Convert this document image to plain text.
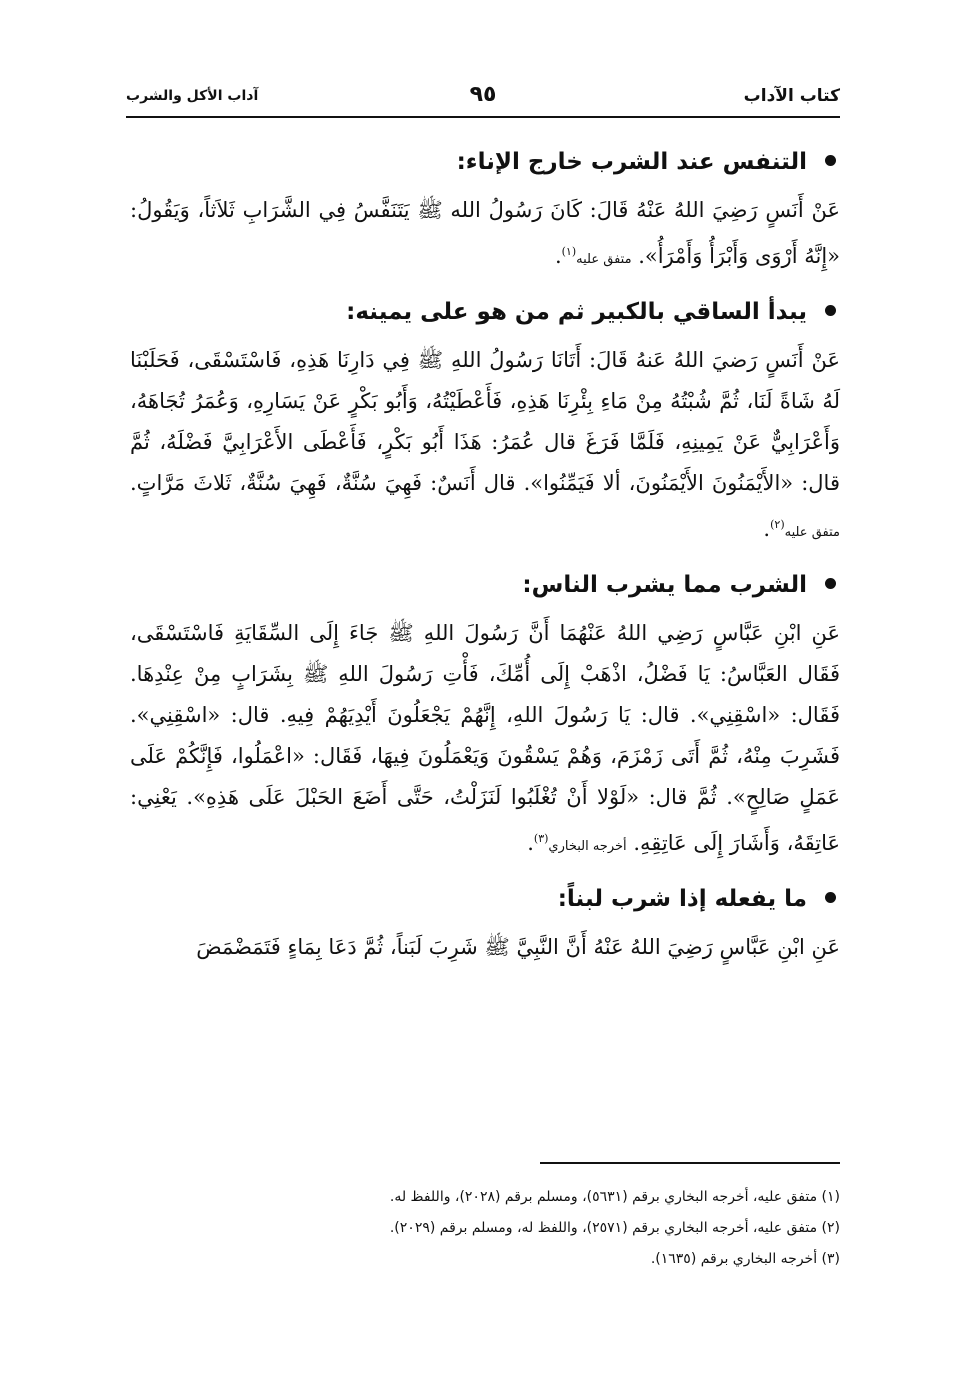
كتاب الآداب
٩٥
آداب الأكل والشرب
التنفس عند الشرب خارج الإناء:

عَنْ أَنَسٍ رَضِيَ اللهُ عَنْهُ قَالَ: كَانَ رَسُولُ الله ﷺ يَتَنَفَّسُ فِي الشَّرَابِ ثَلاَثاً، وَيَقُولُ: «إِنَّهُ أَرْوَى وَأَبْرَأُ وَأَمْرَأُ». متفق عليه$^{(١)}$.

يبدأ الساقي بالكبير ثم من هو على يمينه:

عَنْ أَنَسٍ رَضيَ اللهُ عَنهُ قَالَ: أَتَانَا رَسُولُ اللهِ ﷺ فِي دَارِنَا هَذِهِ، فَاسْتَسْقَى، فَحَلَبْنَا لَهُ شَاةً لَنَا، ثُمَّ شُبْتُهُ مِنْ مَاءِ بِئْرِنَا هَذِهِ، فَأَعْطَيْتُهُ، وَأَبُو بَكْرٍ عَنْ يَسَارِهِ، وَعُمَرُ تُجَاهَهُ، وَأَعْرَابِيٌّ عَنْ يَمِينِهِ، فَلَمَّا فَرَغَ قال عُمَرُ: هَذَا أَبُو بَكْرٍ، فَأَعْطَى الأَعْرَابِيَّ فَضْلَهُ، ثُمَّ قال: «الأَيْمَنُونَ الأَيْمَنُونَ، ألا فَيَمِّنُوا». قال أَنَسٌ: فَهِيَ سُنَّةٌ، فَهِيَ سُنَّةٌ، ثَلاثَ مَرَّاتٍ. متفق عليه$^{(٢)}$.

الشرب مما يشرب الناس:

عَنِ ابْنِ عَبَّاسٍ رَضِي اللهُ عَنْهُمَا أَنَّ رَسُولَ اللهِ ﷺ جَاءَ إِلَى السِّقَايَةِ فَاسْتَسْقَى، فَقَال العَبَّاسُ: يَا فَضْلُ، اذْهَبْ إِلَى أُمِّكَ، فَأْتِ رَسُولَ اللهِ ﷺ بِشَرَابٍ مِنْ عِنْدِهَا. فَقَال: «اسْقِنِي». قال: يَا رَسُولَ اللهِ، إِنَّهُمْ يَجْعَلُونَ أَيْدِيَهُمْ فِيهِ. قال: «اسْقِنِي». فَشَرِبَ مِنْهُ، ثُمَّ أَتَى زَمْزَمَ، وَهُمْ يَسْقُونَ وَيَعْمَلُونَ فِيهَا، فَقَال: «اعْمَلُوا، فَإِنَّكُمْ عَلَى عَمَلٍ صَالِحٍ». ثُمَّ قال: «لَوْلا أَنْ تُغْلَبُوا لَنَزَلْتُ، حَتَّى أَضَعَ الحَبْلَ عَلَى هَذِهِ». يَعْنِي: عَاتِقَهُ، وَأَشَارَ إِلَى عَاتِقِهِ. أخرجه البخاري$^{(٣)}$.

ما يفعله إذا شرب لبناً:

عَنِ ابْنِ عَبَّاسٍ رَضِيَ اللهُ عَنْهُ أَنَّ النَّبِيَّ ﷺ شَرِبَ لَبَناً، ثُمَّ دَعَا بِمَاءٍ فَتَمَضْمَضَ

(١) متفق عليه، أخرجه البخاري برقم (٥٦٣١)، ومسلم برقم (٢٠٢٨)، واللفظ له.
(٢) متفق عليه، أخرجه البخاري برقم (٢٥٧١)، واللفظ له، ومسلم برقم (٢٠٢٩).
(٣) أخرجه البخاري برقم (١٦٣٥).
